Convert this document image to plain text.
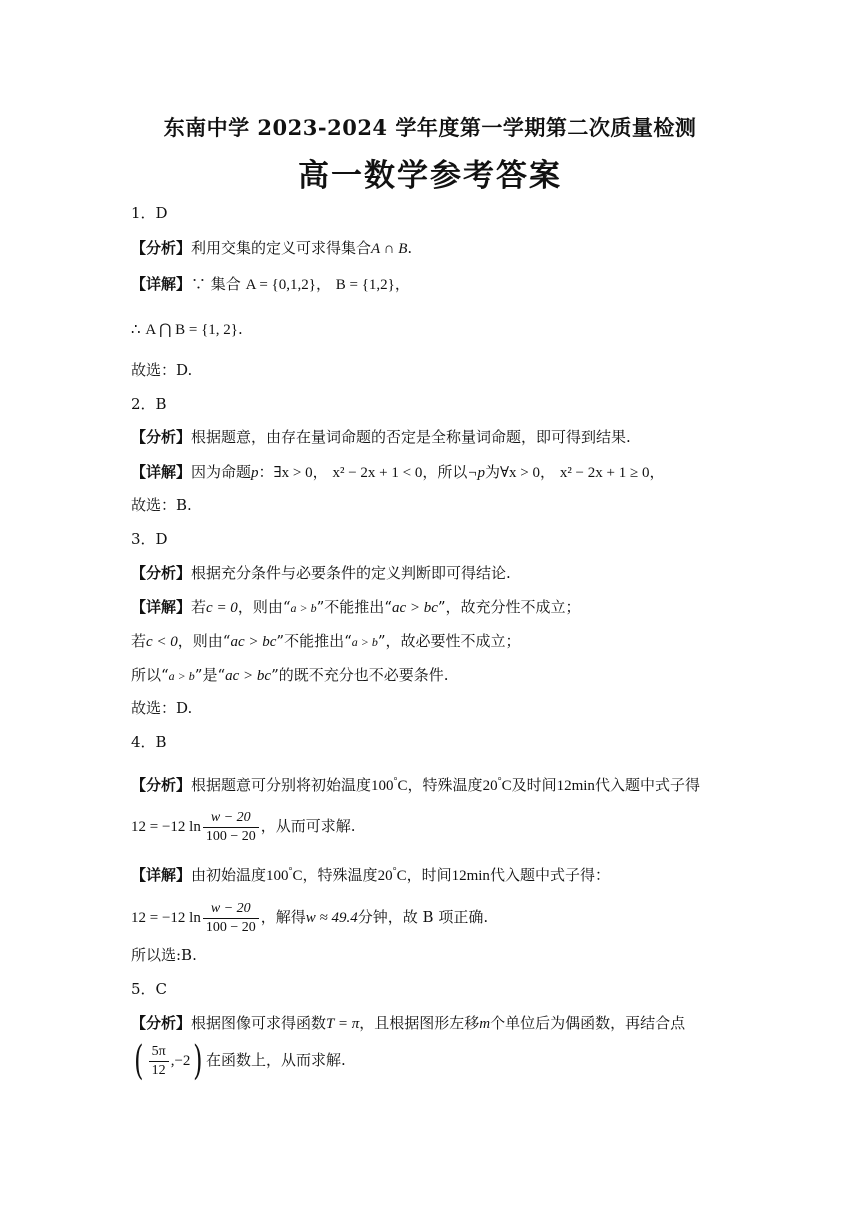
东南中学 2023-2024 学年度第一学期第二次质量检测
高一数学参考答案
1．D
【分析】利用交集的定义可求得集合A ∩ B.
【详解】∵ 集合 A = {0,1,2}， B = {1,2}，
∴ A ⋂ B = {1, 2}.
故选：D.
2．B
【分析】根据题意，由存在量词命题的否定是全称量词命题，即可得到结果.
【详解】因为命题p：∃x > 0， x² − 2x + 1 < 0，所以¬p为∀x > 0， x² − 2x + 1 ≥ 0，
故选：B.
3．D
【分析】根据充分条件与必要条件的定义判断即可得结论.
【详解】若c = 0，则由“a > b”不能推出“ac > bc”，故充分性不成立；
若c < 0，则由“ac > bc”不能推出“a > b”，故必要性不成立；
所以“a > b”是“ac > bc”的既不充分也不必要条件.
故选：D.
4．B
【分析】根据题意可分别将初始温度100°C，特殊温度20°C及时间12min代入题中式子得
12 = −12 $\ln \frac{w - 20}{100 - 20}$ ，从而可求解.
【详解】由初始温度100°C，特殊温度20°C，时间12min代入题中式子得：
12 = −12 $\ln \frac{w - 20}{100 - 20}$ ，解得w ≈ 49.4分钟，故 B 项正确.
所以选:B.
5．C
【分析】根据图像可求得函数T = π，且根据图形左移m个单位后为偶函数，再结合点
( $\frac{5\pi}{12} ,-2$) 在函数上，从而求解.
